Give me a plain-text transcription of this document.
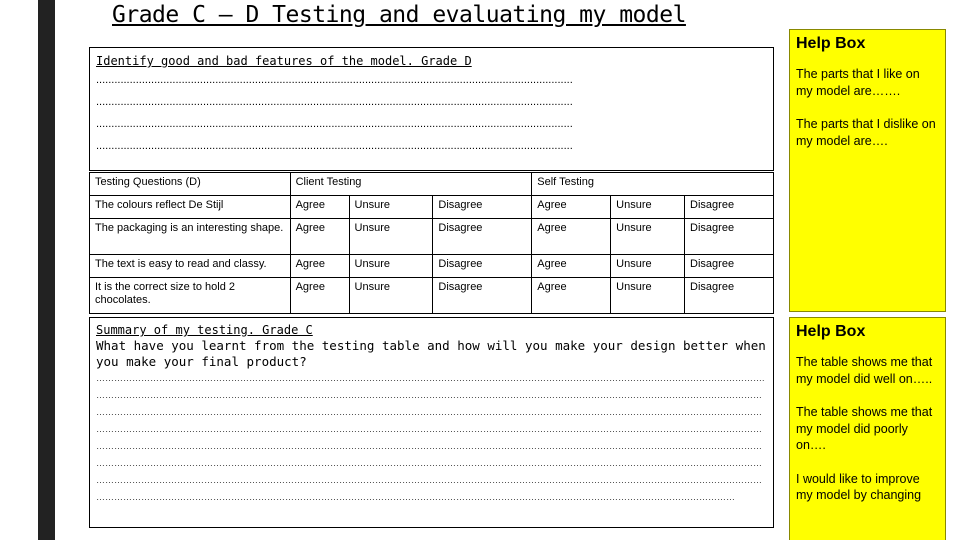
Grade C – D Testing and evaluating my model
Identify good and bad features of the model. Grade D
............................................................................................................................................................
............................................................................................................................................................
............................................................................................................................................................
............................................................................................................................................................
Testing Questions (D)	Client Testing			Self Testing		
The colours reflect De Stijl	Agree	Unsure	Disagree	Agree	Unsure	Disagree
The packaging is an interesting shape.	Agree	Unsure	Disagree	Agree	Unsure	Disagree
The text is easy to read and classy.	Agree	Unsure	Disagree	Agree	Unsure	Disagree
It is the correct size to hold 2 chocolates.	Agree	Unsure	Disagree	Agree	Unsure	Disagree
Summary of my testing. Grade C
What have you learnt from the testing table and how will you make your design better when you make your final product?
…………………………………………………………………………………………………………………………………………………………………………………………………….
……………………………………………………………………………………………………………………………………………………………………………………………………
……………………………………………………………………………………………………………………………………………………………………………………………………
……………………………………………………………………………………………………………………………………………………………………………………………………
……………………………………………………………………………………………………………………………………………………………………………………………………
……………………………………………………………………………………………………………………………………………………………………………………………………
……………………………………………………………………………………………………………………………………………………………………………………………………
……………………………………………………………………………………………………………………………………………………………………………………………
Help Box

The parts that I like on my model are…….

The parts that I dislike on my model are….

Help Box

The table shows me that my model did well on…..

The table shows me that my model did poorly on….

I would like to improve my model by changing
